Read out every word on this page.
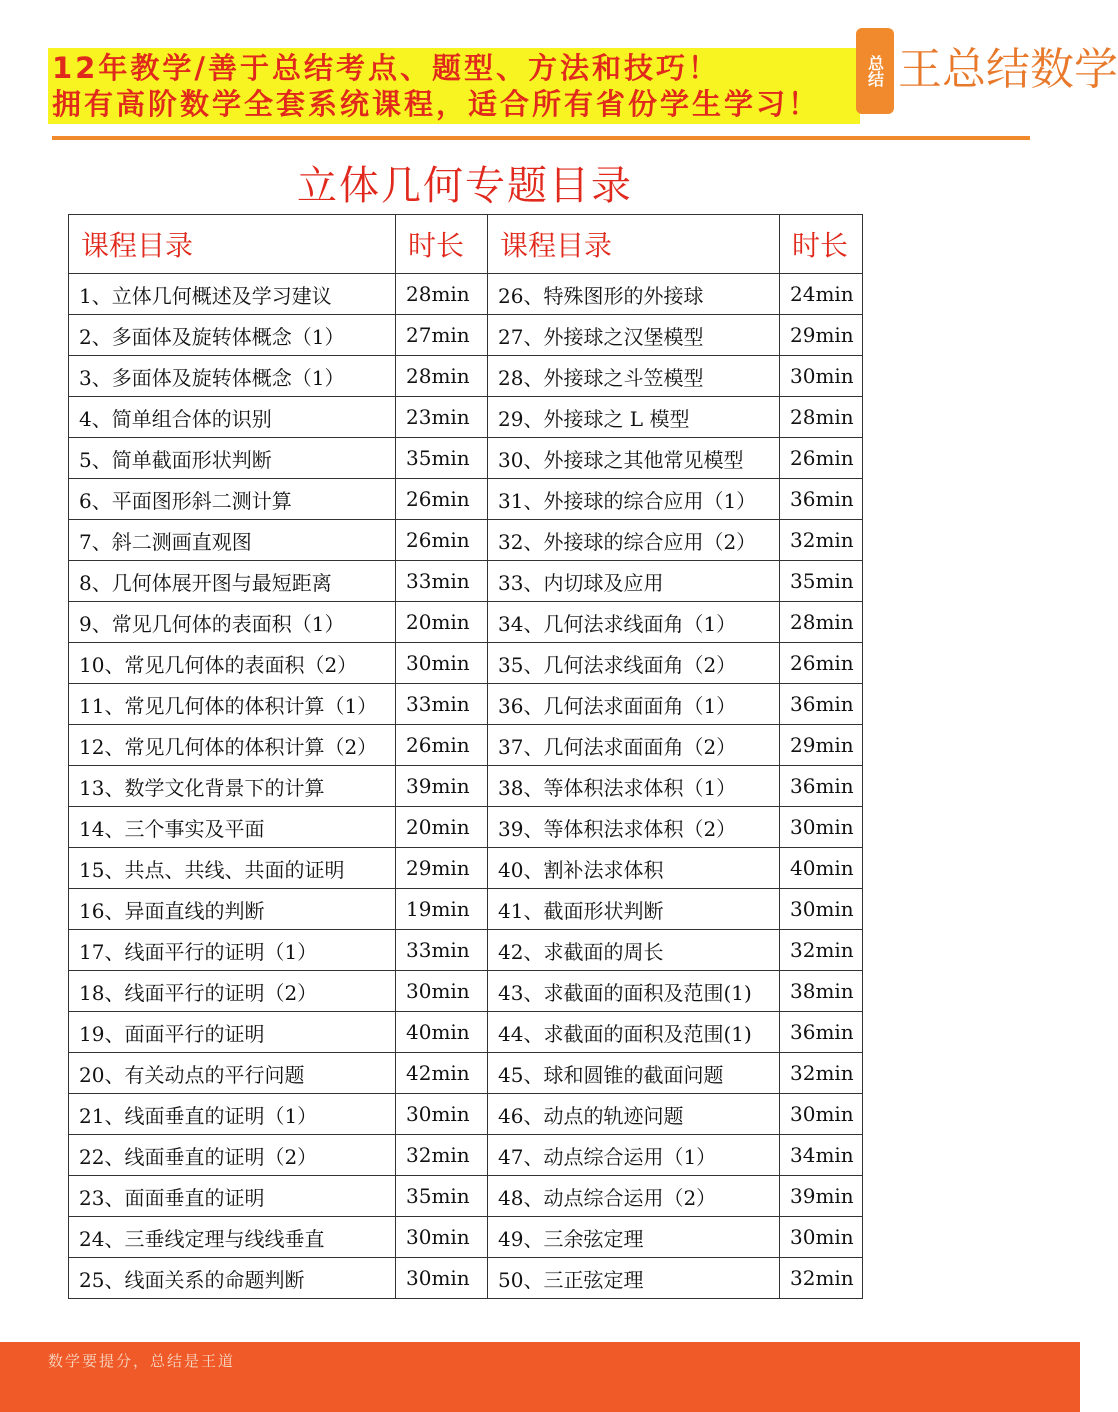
12年教学/善于总结考点、题型、方法和技巧！
拥有高阶数学全套系统课程，适合所有省份学生学习！
总结 王总结数学
立体几何专题目录
课程目录	时长	课程目录	时长
1、立体几何概述及学习建议	28min	26、特殊图形的外接球	24min
2、多面体及旋转体概念（1）	27min	27、外接球之汉堡模型	29min
3、多面体及旋转体概念（1）	28min	28、外接球之斗笠模型	30min
4、简单组合体的识别	23min	29、外接球之 L 模型	28min
5、简单截面形状判断	35min	30、外接球之其他常见模型	26min
6、平面图形斜二测计算	26min	31、外接球的综合应用（1）	36min
7、斜二测画直观图	26min	32、外接球的综合应用（2）	32min
8、几何体展开图与最短距离	33min	33、内切球及应用	35min
9、常见几何体的表面积（1）	20min	34、几何法求线面角（1）	28min
10、常见几何体的表面积（2）	30min	35、几何法求线面角（2）	26min
11、常见几何体的体积计算（1）	33min	36、几何法求面面角（1）	36min
12、常见几何体的体积计算（2）	26min	37、几何法求面面角（2）	29min
13、数学文化背景下的计算	39min	38、等体积法求体积（1）	36min
14、三个事实及平面	20min	39、等体积法求体积（2）	30min
15、共点、共线、共面的证明	29min	40、割补法求体积	40min
16、异面直线的判断	19min	41、截面形状判断	30min
17、线面平行的证明（1）	33min	42、求截面的周长	32min
18、线面平行的证明（2）	30min	43、求截面的面积及范围(1)	38min
19、面面平行的证明	40min	44、求截面的面积及范围(1)	36min
20、有关动点的平行问题	42min	45、球和圆锥的截面问题	32min
21、线面垂直的证明（1）	30min	46、动点的轨迹问题	30min
22、线面垂直的证明（2）	32min	47、动点综合运用（1）	34min
23、面面垂直的证明	35min	48、动点综合运用（2）	39min
24、三垂线定理与线线垂直	30min	49、三余弦定理	30min
25、线面关系的命题判断	30min	50、三正弦定理	32min
数学要提分，总结是王道
